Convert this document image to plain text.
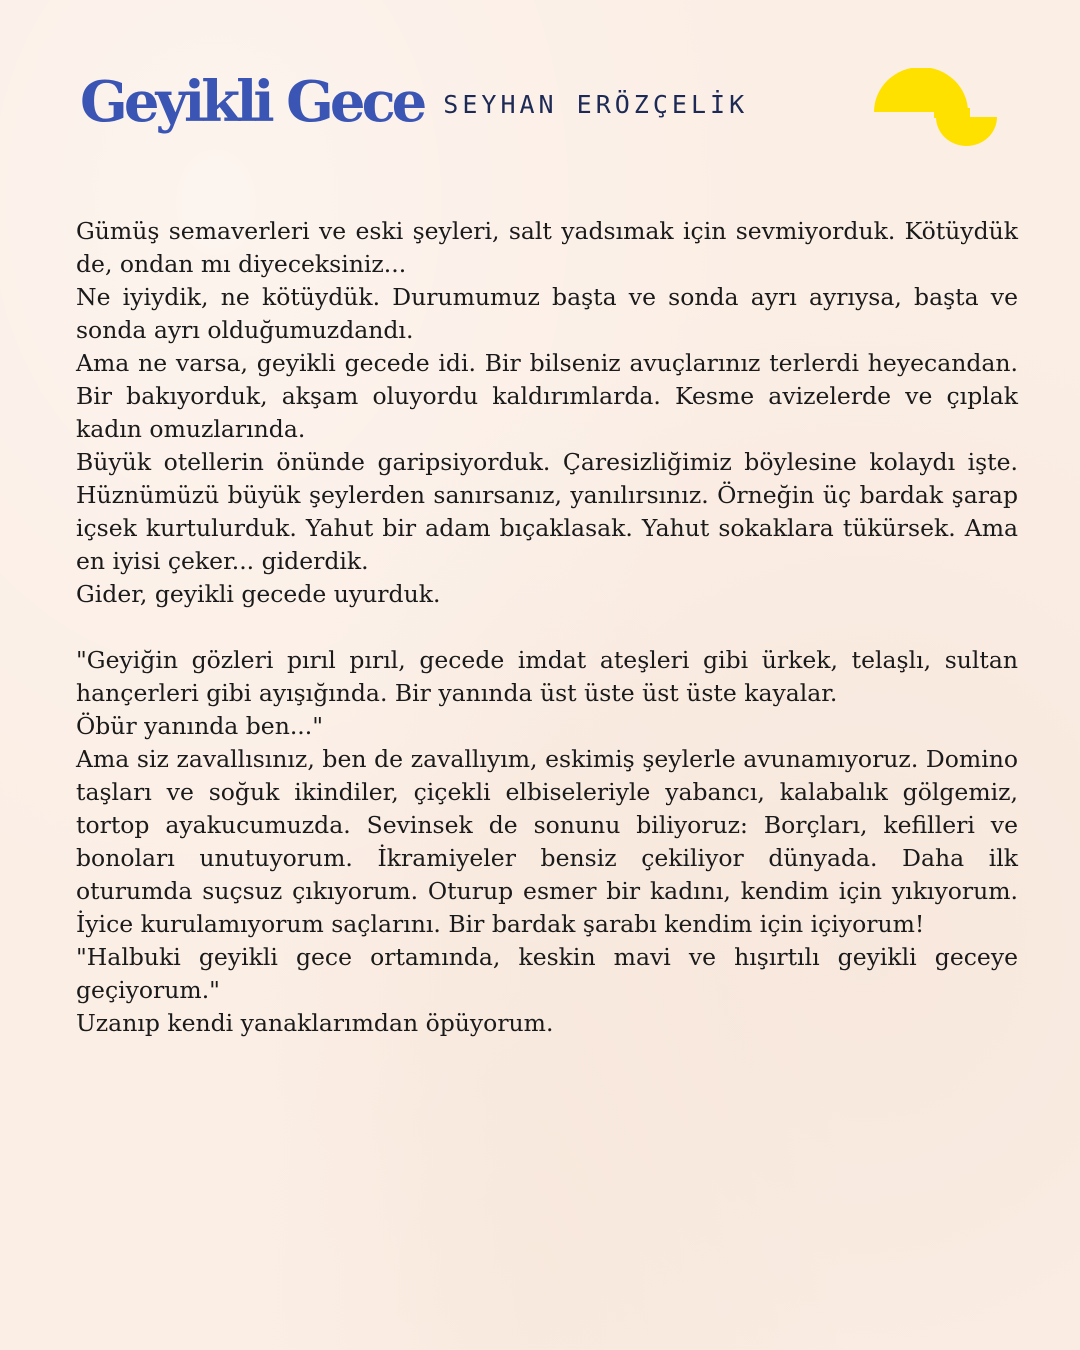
Geyikli Gece SEYHAN ERÖZÇELİK

Gümüş semaverleri ve eski şeyleri, salt yadsımak için sevmiyorduk. Kötüydük de, ondan mı diyeceksiniz...

Ne iyiydik, ne kötüydük. Durumumuz başta ve sonda ayrı ayrıysa, başta ve sonda ayrı olduğumuzdandı.

Ama ne varsa, geyikli gecede idi. Bir bilseniz avuçlarınız terlerdi heyecandan. Bir bakıyorduk, akşam oluyordu kaldırımlarda. Kesme avizelerde ve çıplak kadın omuzlarında.

Büyük otellerin önünde garipsiyorduk. Çaresizliğimiz böylesine kolaydı işte. Hüznümüzü büyük şeylerden sanırsanız, yanılırsınız. Örneğin üç bardak şarap içsek kurtulurduk. Yahut bir adam bıçaklasak. Yahut sokaklara tükürsek. Ama en iyisi çeker... giderdik.

Gider, geyikli gecede uyurduk.

"Geyiğin gözleri pırıl pırıl, gecede imdat ateşleri gibi ürkek, telaşlı, sultan hançerleri gibi ayışığında. Bir yanında üst üste üst üste kayalar.

Öbür yanında ben..."

Ama siz zavallısınız, ben de zavallıyım, eskimiş şeylerle avunamıyoruz. Domino taşları ve soğuk ikindiler, çiçekli elbiseleriyle yabancı, kalabalık gölgemiz, tortop ayakucumuzda. Sevinsek de sonunu biliyoruz: Borçları, kefilleri ve bonoları unutuyorum. İkramiyeler bensiz çekiliyor dünyada. Daha ilk oturumda suçsuz çıkıyorum. Oturup esmer bir kadını, kendim için yıkıyorum. İyice kurulamıyorum saçlarını. Bir bardak şarabı kendim için içiyorum!

"Halbuki geyikli gece ortamında, keskin mavi ve hışırtılı geyikli geceye geçiyorum."

Uzanıp kendi yanaklarımdan öpüyorum.
